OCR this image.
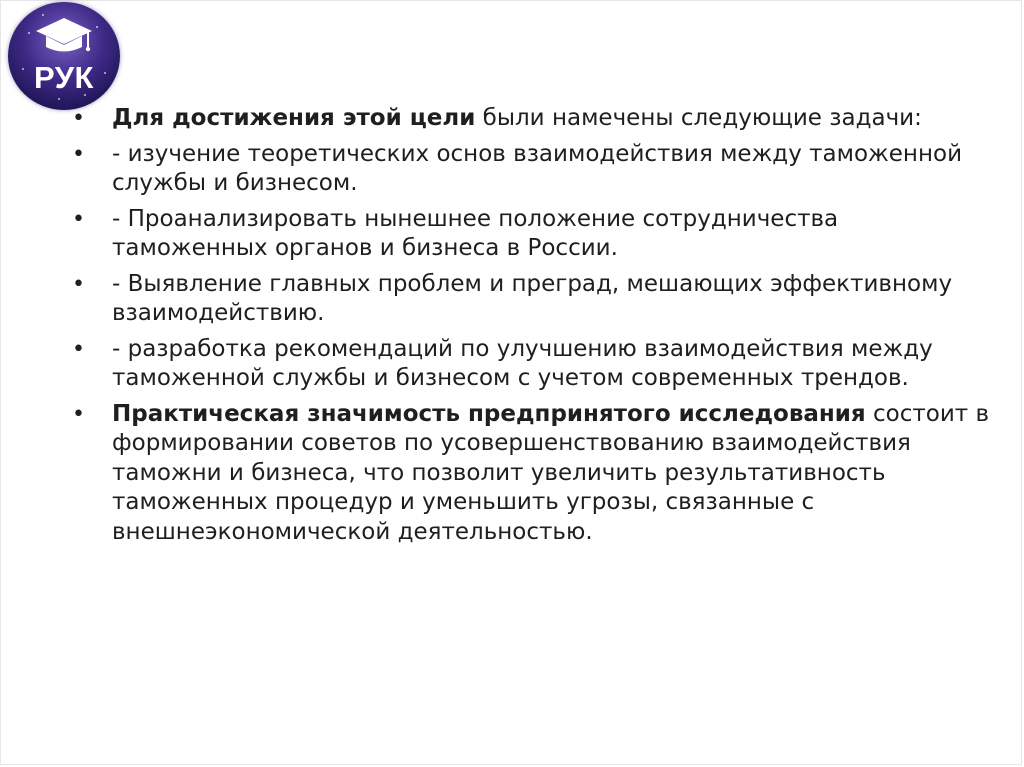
РУК
• Для достижения этой цели были намечены следующие задачи:
• - изучение теоретических основ взаимодействия между таможенной службы и бизнесом.
• - Проанализировать нынешнее положение сотрудничества таможенных органов и бизнеса в России.
• - Выявление главных проблем и преград, мешающих эффективному взаимодействию.
• - разработка рекомендаций по улучшению взаимодействия между таможенной службы и бизнесом с учетом современных трендов.
• Практическая значимость предпринятого исследования состоит в формировании советов по усовершенствованию взаимодействия таможни и бизнеса, что позволит увеличить результативность таможенных процедур и уменьшить угрозы, связанные с внешнеэкономической деятельностью.
